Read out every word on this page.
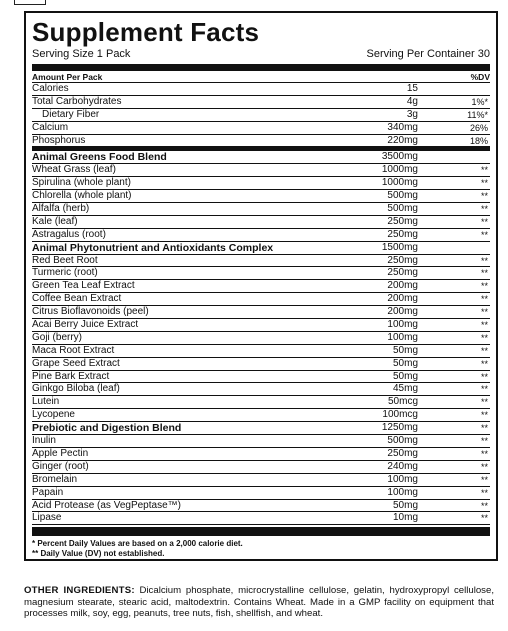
Supplement Facts
Serving Size 1 Pack	Serving Per Container 30
Amount Per Pack	%DV
Calories	15
Total Carbohydrates	4g	1%*
Dietary Fiber	3g	11%*
Calcium	340mg	26%
Phosphorus	220mg	18%
Animal Greens Food Blend	3500mg
Wheat Grass (leaf)	1000mg	**
Spirulina (whole plant)	1000mg	**
Chlorella (whole plant)	500mg	**
Alfalfa (herb)	500mg	**
Kale (leaf)	250mg	**
Astragalus (root)	250mg	**
Animal Phytonutrient and Antioxidants Complex	1500mg
Red Beet Root	250mg	**
Turmeric (root)	250mg	**
Green Tea Leaf Extract	200mg	**
Coffee Bean Extract	200mg	**
Citrus Bioflavonoids (peel)	200mg	**
Acai Berry Juice Extract	100mg	**
Goji (berry)	100mg	**
Maca Root Extract	50mg	**
Grape Seed Extract	50mg	**
Pine Bark Extract	50mg	**
Ginkgo Biloba (leaf)	45mg	**
Lutein	50mcg	**
Lycopene	100mcg	**
Prebiotic and Digestion Blend	1250mg	**
Inulin	500mg	**
Apple Pectin	250mg	**
Ginger (root)	240mg	**
Bromelain	100mg	**
Papain	100mg	**
Acid Protease (as VegPeptase™)	50mg	**
Lipase	10mg	**
* Percent Daily Values are based on a 2,000 calorie diet.
** Daily Value (DV) not established.
OTHER INGREDIENTS: Dicalcium phosphate, microcrystalline cellulose, gelatin, hydroxypropyl cellulose, magnesium stearate, stearic acid, maltodextrin. Contains Wheat. Made in a GMP facility on equipment that processes milk, soy, egg, peanuts, tree nuts, fish, shellfish, and wheat.
